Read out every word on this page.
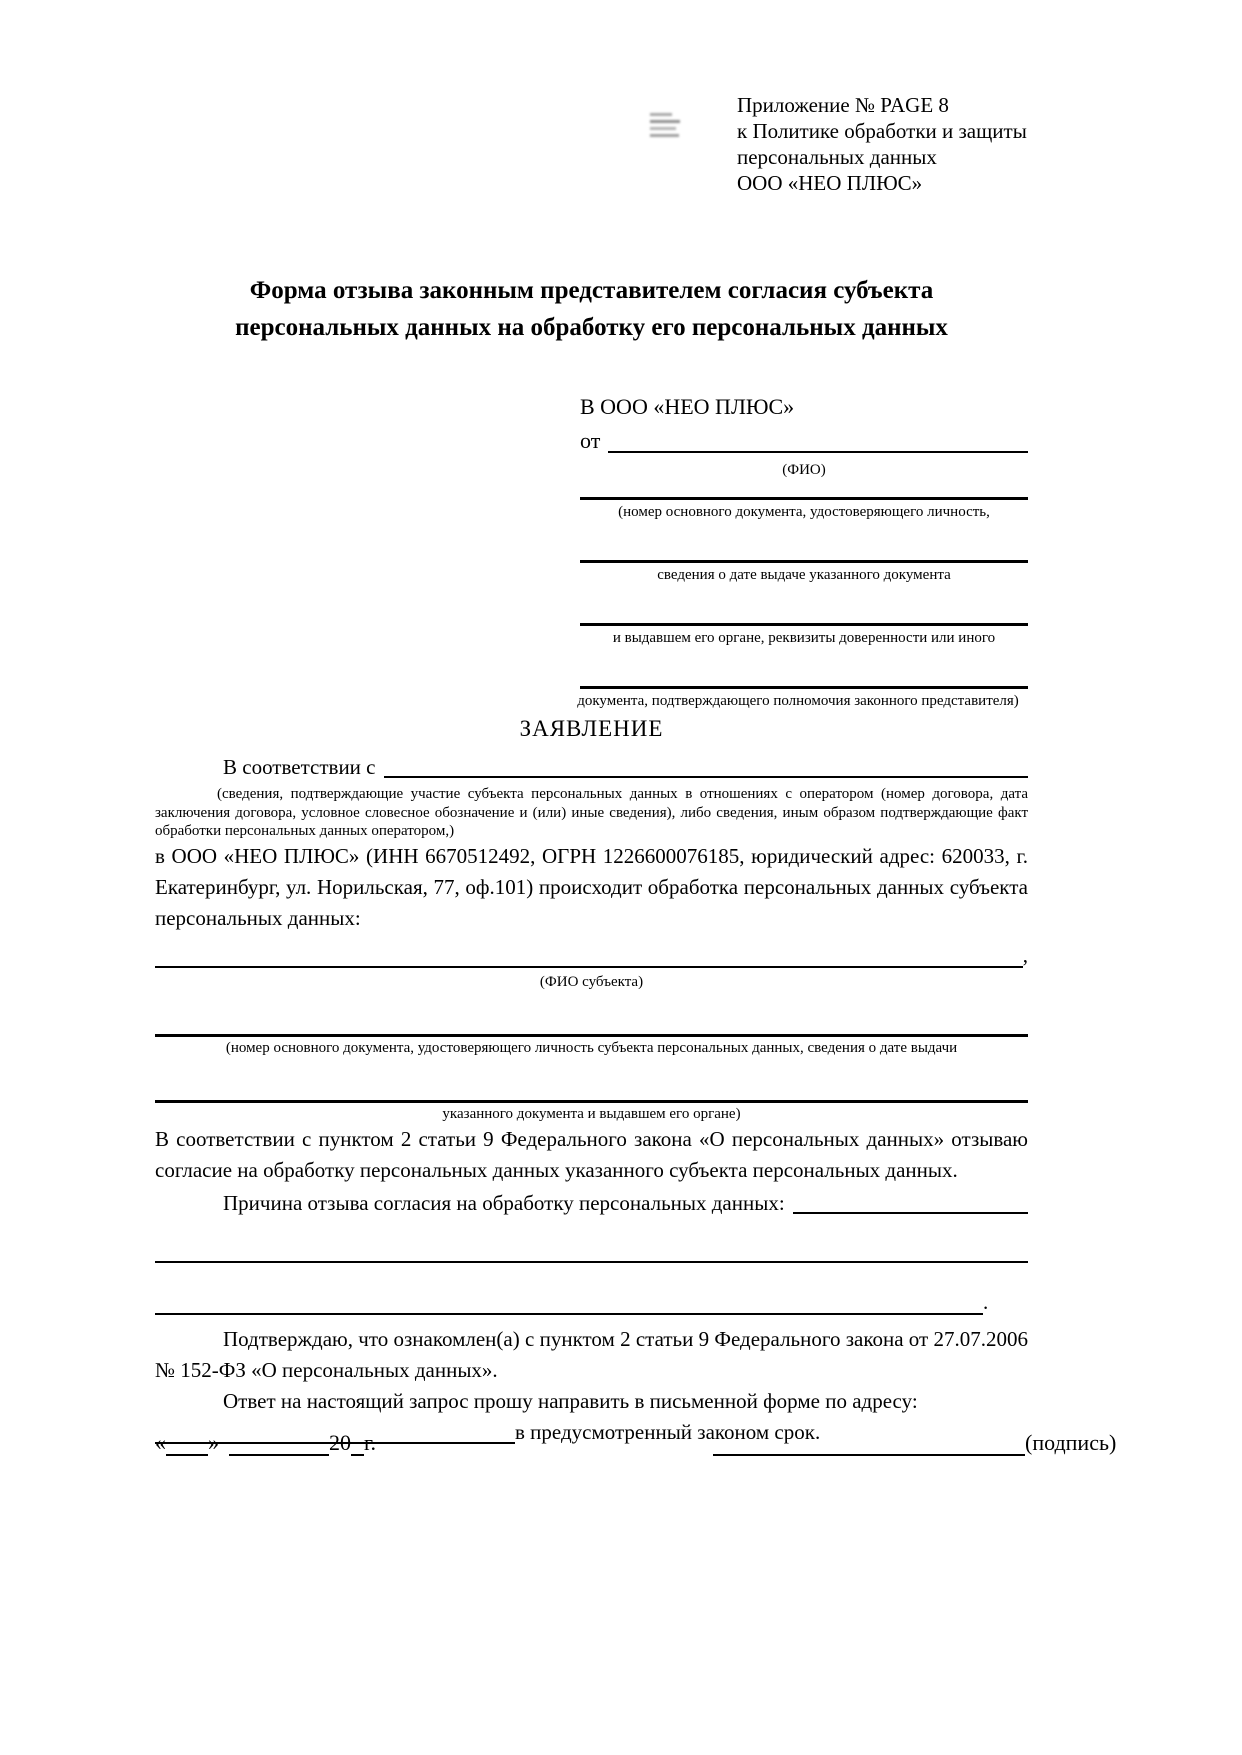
Приложение № PAGE 8
к Политике обработки и защиты
персональных данных
ООО «НЕО ПЛЮС»
Форма отзыва законным представителем согласия субъекта
персональных данных на обработку его персональных данных
В ООО «НЕО ПЛЮС»
от
(ФИО)
(номер основного документа, удостоверяющего личность,
сведения о дате выдаче указанного документа
и выдавшем его органе, реквизиты доверенности или иного
документа, подтверждающего полномочия законного представителя)
ЗАЯВЛЕНИЕ
В соответствии с
(сведения, подтверждающие участие субъекта персональных данных в отношениях с оператором (номер договора, дата заключения договора, условное словесное обозначение и (или) иные сведения), либо сведения, иным образом подтверждающие факт обработки персональных данных оператором,)

в ООО «НЕО ПЛЮС» (ИНН 6670512492, ОГРН 1226600076185, юридический адрес: 620033, г. Екатеринбург, ул. Норильская, 77, оф.101) происходит обработка персональных данных субъекта персональных данных:

,
(ФИО субъекта)
(номер основного документа, удостоверяющего личность субъекта персональных данных, сведения о дате выдачи
указанного документа и выдавшем его органе)

В соответствии с пунктом 2 статьи 9 Федерального закона «О персональных данных» отзываю согласие на обработку персональных данных указанного субъекта персональных данных.

Причина отзыва согласия на обработку персональных данных:
.

Подтверждаю, что ознакомлен(а) с пунктом 2 статьи 9 Федерального закона от 27.07.2006 № 152-ФЗ «О персональных данных».

Ответ на настоящий запрос прошу направить в письменной форме по адресу:

в предусмотренный законом срок.
« »	20 г.	(подпись)
